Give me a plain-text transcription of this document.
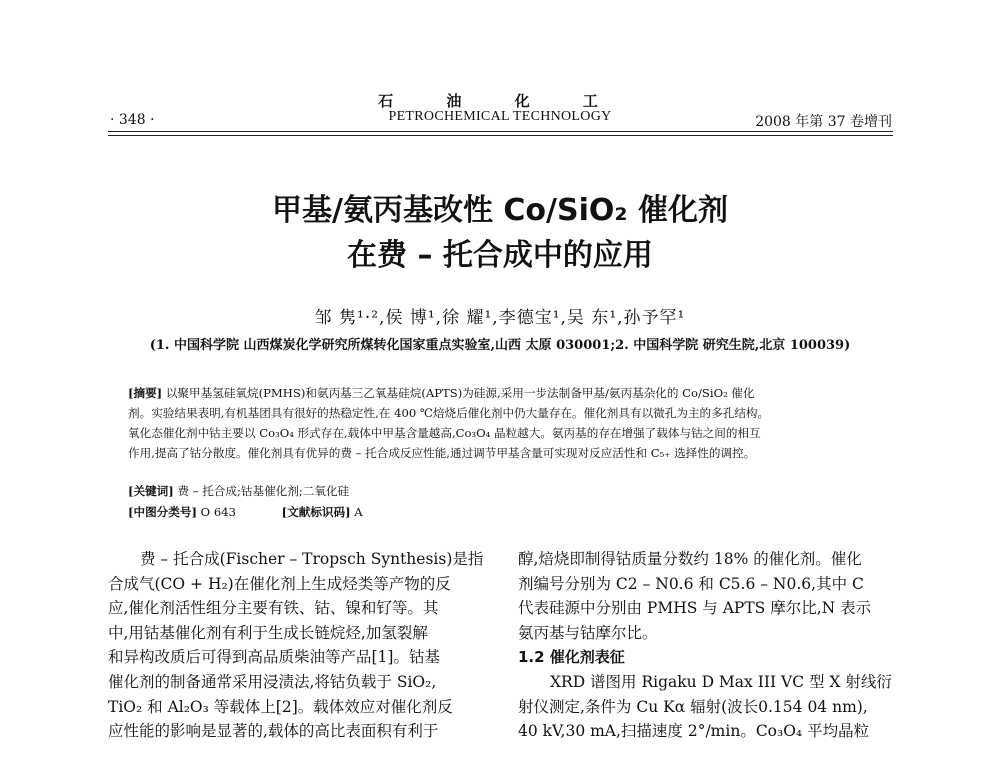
石 油 化 工
· 348 ·	PETROCHEMICAL TECHNOLOGY	2008 年第 37 卷增刊
甲基/氨丙基改性 Co/SiO₂ 催化剂
在费 – 托合成中的应用
邹 隽¹·²,侯 博¹,徐 耀¹,李德宝¹,吴 东¹,孙予罕¹
(1. 中国科学院 山西煤炭化学研究所煤转化国家重点实验室,山西 太原 030001;2. 中国科学院 研究生院,北京 100039)
[摘要] 以聚甲基氢硅氧烷(PMHS)和氨丙基三乙氧基硅烷(APTS)为硅源,采用一步法制备甲基/氨丙基杂化的 Co/SiO₂ 催化
剂。实验结果表明,有机基团具有很好的热稳定性,在 400 ℃焙烧后催化剂中仍大量存在。催化剂具有以微孔为主的多孔结构。
氧化态催化剂中钴主要以 Co₃O₄ 形式存在,载体中甲基含量越高,Co₃O₄ 晶粒越大。氨丙基的存在增强了载体与钴之间的相互
作用,提高了钴分散度。催化剂具有优异的费 – 托合成反应性能,通过调节甲基含量可实现对反应活性和 C₅₊ 选择性的调控。
[关键词] 费 – 托合成;钴基催化剂;二氧化硅
[中图分类号] O 643	[文献标识码] A
费 – 托合成(Fischer – Tropsch Synthesis)是指
合成气(CO + H₂)在催化剂上生成烃类等产物的反
应,催化剂活性组分主要有铁、钴、镍和钌等。其
中,用钴基催化剂有利于生成长链烷烃,加氢裂解
和异构改质后可得到高品质柴油等产品[1]。钴基
催化剂的制备通常采用浸渍法,将钴负载于 SiO₂,
TiO₂ 和 Al₂O₃ 等载体上[2]。载体效应对催化剂反
应性能的影响是显著的,载体的高比表面积有利于
醇,焙烧即制得钴质量分数约 18% 的催化剂。催化
剂编号分别为 C2 – N0.6 和 C5.6 – N0.6,其中 C
代表硅源中分别由 PMHS 与 APTS 摩尔比,N 表示
氨丙基与钴摩尔比。
1.2 催化剂表征
XRD 谱图用 Rigaku D Max III VC 型 X 射线衍
射仪测定,条件为 Cu Kα 辐射(波长0.154 04 nm),
40 kV,30 mA,扫描速度 2°/min。Co₃O₄ 平均晶粒
